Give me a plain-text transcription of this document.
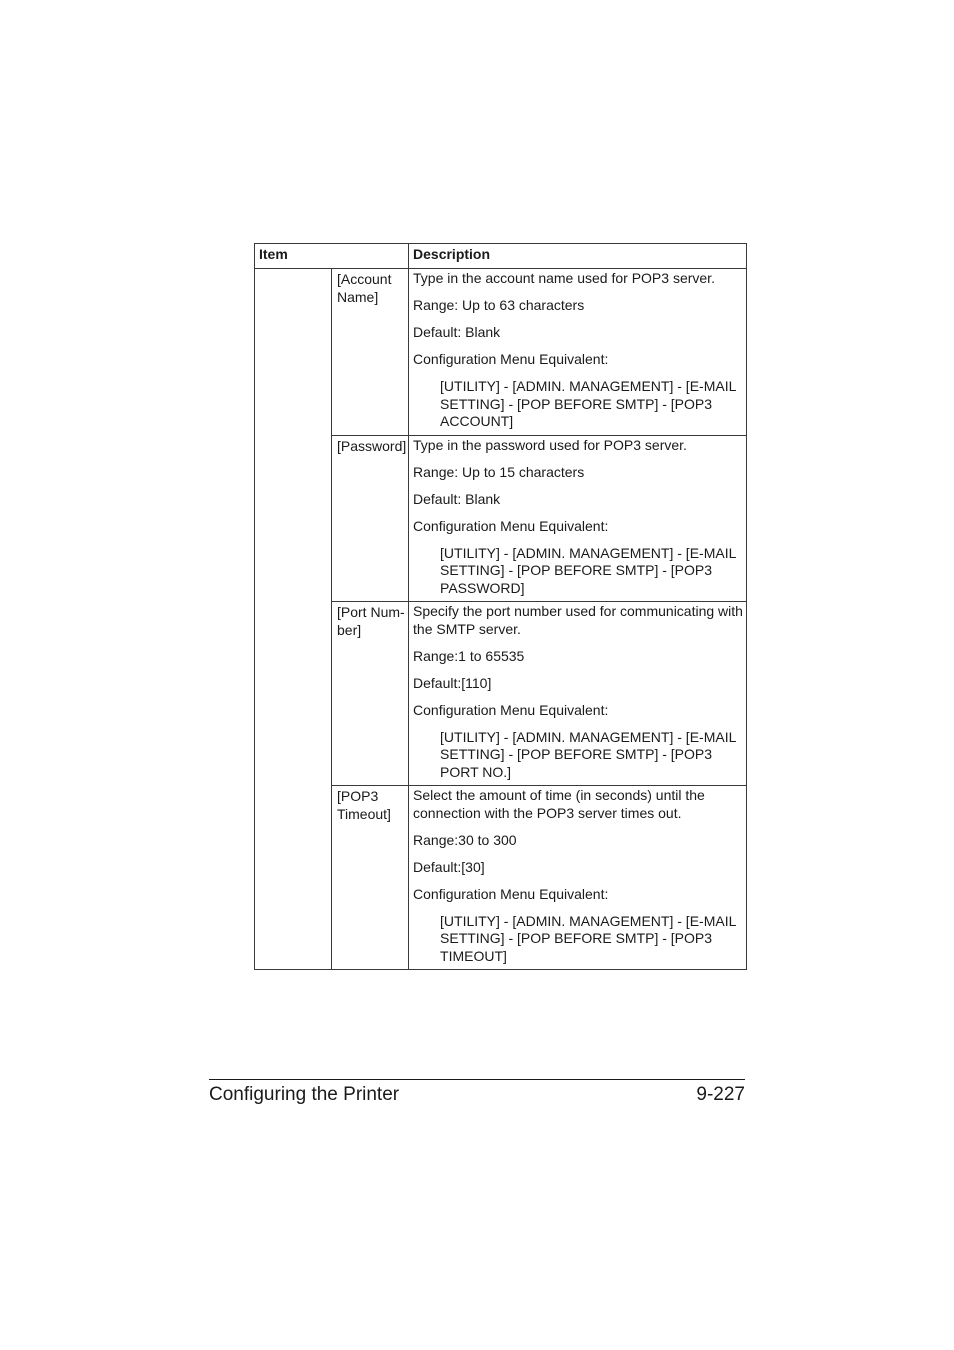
Item		Description
	[Account Name]	Type in the account name used for POP3 server.

Range: Up to 63 characters

Default: Blank

Configuration Menu Equivalent:

[UTILITY] - [ADMIN. MANAGEMENT] - [E-MAIL SETTING] - [POP BEFORE SMTP] - [POP3 ACCOUNT]

	[Password]	Type in the password used for POP3 server.

Range: Up to 15 characters

Default: Blank

Configuration Menu Equivalent:

[UTILITY] - [ADMIN. MANAGEMENT] - [E-MAIL SETTING] - [POP BEFORE SMTP] - [POP3 PASSWORD]

	[Port Num-ber]	Specify the port number used for communicating with the SMTP server.

Range:1 to 65535

Default:[110]

Configuration Menu Equivalent:

[UTILITY] - [ADMIN. MANAGEMENT] - [E-MAIL SETTING] - [POP BEFORE SMTP] - [POP3 PORT NO.]

	[POP3 Timeout]	Select the amount of time (in seconds) until the connection with the POP3 server times out.

Range:30 to 300

Default:[30]

Configuration Menu Equivalent:

[UTILITY] - [ADMIN. MANAGEMENT] - [E-MAIL SETTING] - [POP BEFORE SMTP] - [POP3 TIMEOUT]

Configuring the Printer	9-227
